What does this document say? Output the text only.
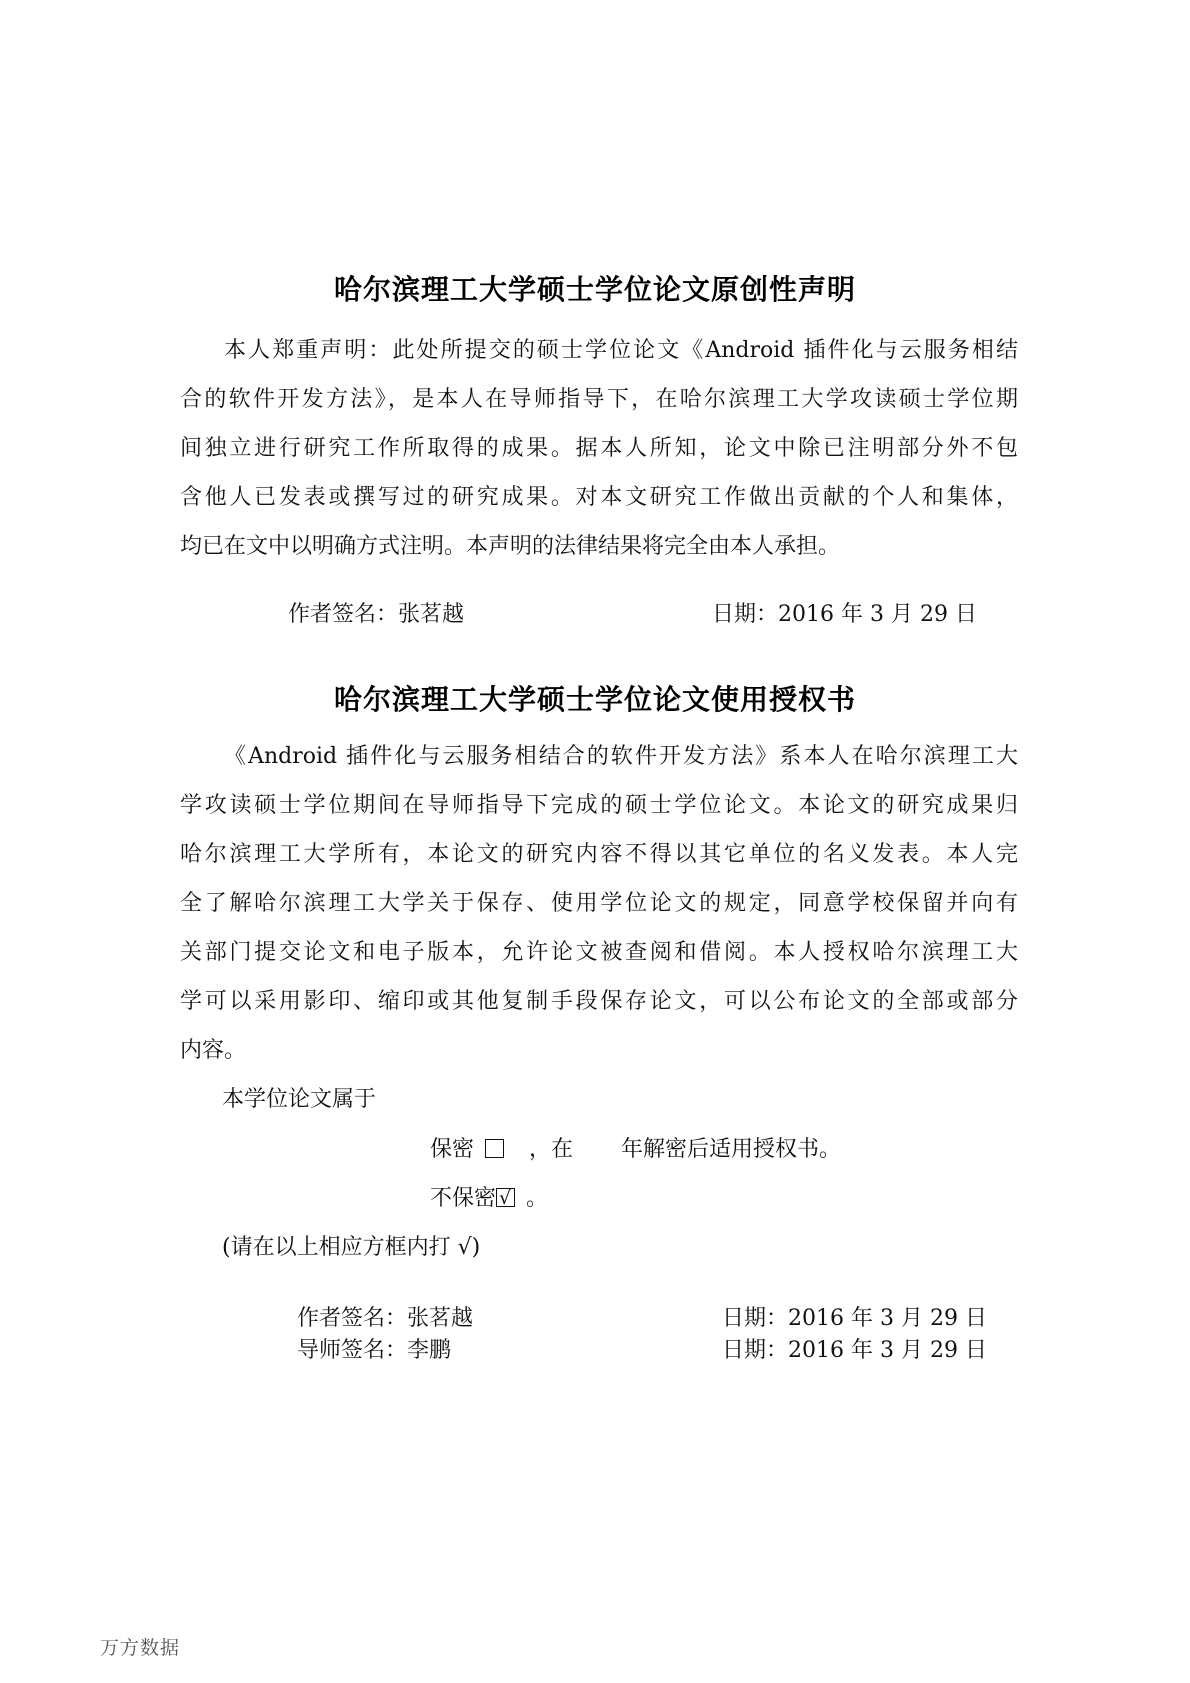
哈尔滨理工大学硕士学位论文原创性声明
本人郑重声明：此处所提交的硕士学位论文《Android 插件化与云服务相结
合的软件开发方法》，是本人在导师指导下，在哈尔滨理工大学攻读硕士学位期
间独立进行研究工作所取得的成果。据本人所知，论文中除已注明部分外不包
含他人已发表或撰写过的研究成果。对本文研究工作做出贡献的个人和集体，
均已在文中以明确方式注明。本声明的法律结果将完全由本人承担。
作者签名：张茗越	日期：2016 年 3 月 29 日
哈尔滨理工大学硕士学位论文使用授权书
《Android 插件化与云服务相结合的软件开发方法》系本人在哈尔滨理工大
学攻读硕士学位期间在导师指导下完成的硕士学位论文。本论文的研究成果归
哈尔滨理工大学所有，本论文的研究内容不得以其它单位的名义发表。本人完
全了解哈尔滨理工大学关于保存、使用学位论文的规定，同意学校保留并向有
关部门提交论文和电子版本，允许论文被查阅和借阅。本人授权哈尔滨理工大
学可以采用影印、缩印或其他复制手段保存论文，可以公布论文的全部或部分
内容。
本学位论文属于
保密	，在 年解密后适用授权书。
不保密 √ 。
(请在以上相应方框内打 √)
作者签名：张茗越	日期：2016 年 3 月 29 日
导师签名：李鹏	日期：2016 年 3 月 29 日
万方数据
